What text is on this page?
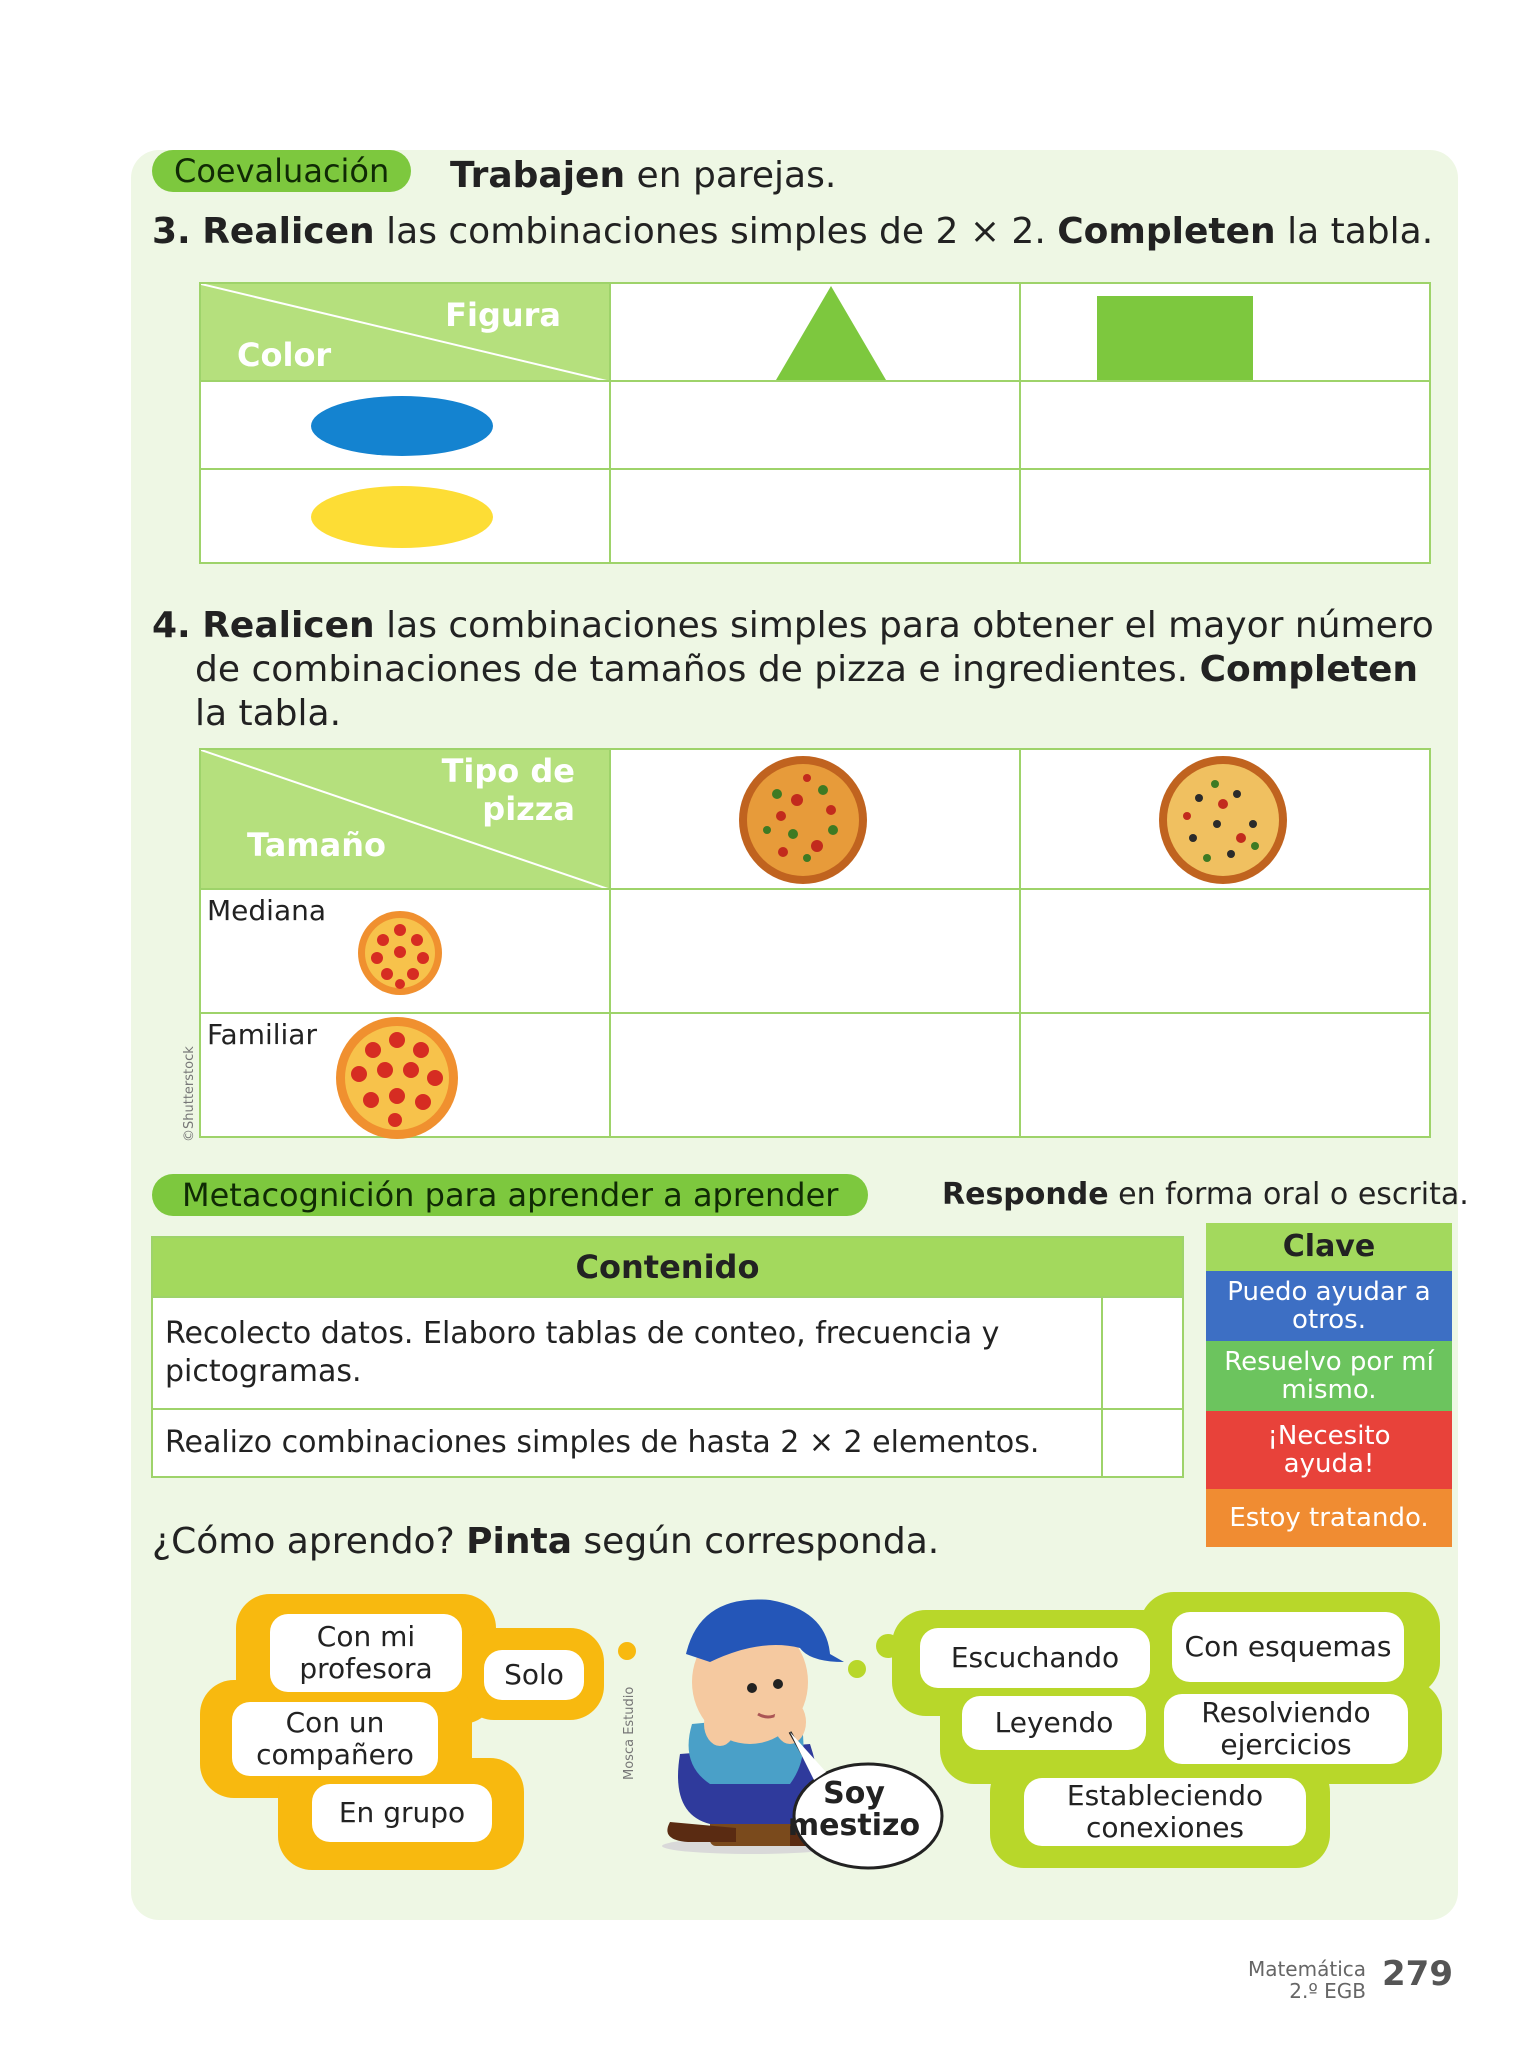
Coevaluación	Trabajen en parejas.
3. Realicen las combinaciones simples de 2 × 2. Completen la tabla.
Figura
Color

4. Realicen las combinaciones simples para obtener el mayor número
de combinaciones de tamaños de pizza e ingredientes. Completen
la tabla.
Tipo de
pizza
Tamaño

Mediana		

Familiar		

©Shutterstock
Metacognición para aprender a aprender	Responde en forma oral o escrita.
Contenido	
Recolecto datos. Elaboro tablas de conteo, frecuencia y pictogramas.	
Realizo combinaciones simples de hasta 2 × 2 elementos.	
Clave
Puedo ayudar a otros.
Resuelvo por mí mismo.
¡Necesito ayuda!
Estoy tratando.
¿Cómo aprendo? Pinta según corresponda.
Con mi profesora	Solo
Con un compañero
En grupo
Mosca Estudio
Soy mestizo
Escuchando	Con esquemas
Leyendo	Resolviendo ejercicios
Estableciendo conexiones
Matemática
2.º EGB 279
